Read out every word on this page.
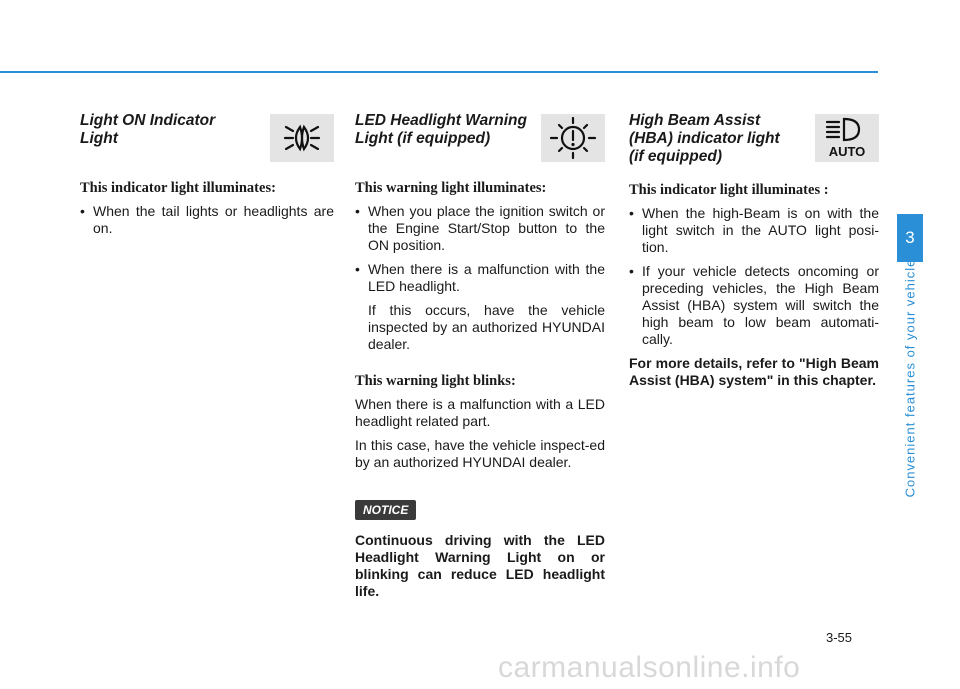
Light ON Indicator
Light
This indicator light illuminates:
• When the tail lights or headlights are on.
LED Headlight Warning
Light (if equipped)
This warning light illuminates:
• When you place the ignition switch or the Engine Start/Stop button to the ON position.
• When there is a malfunction with the LED headlight.

If this occurs, have the vehicle inspected by an authorized HYUNDAI dealer.

This warning light blinks:

When there is a malfunction with a LED headlight related part.

In this case, have the vehicle inspect-ed by an authorized HYUNDAI dealer.

NOTICE

Continuous driving with the LED Headlight Warning Light on or blinking can reduce LED headlight life.

High Beam Assist
(HBA) indicator light
(if equipped)	AUTO
This indicator light illuminates :
• When the high-Beam is on with the light switch in the AUTO light posi-tion.
• If your vehicle detects oncoming or preceding vehicles, the High Beam Assist (HBA) system will switch the high beam to low beam automati-cally.

For more details, refer to "High Beam Assist (HBA) system" in this chapter.

3
Convenient features of your vehicle
3-55
carmanualsonline.info
